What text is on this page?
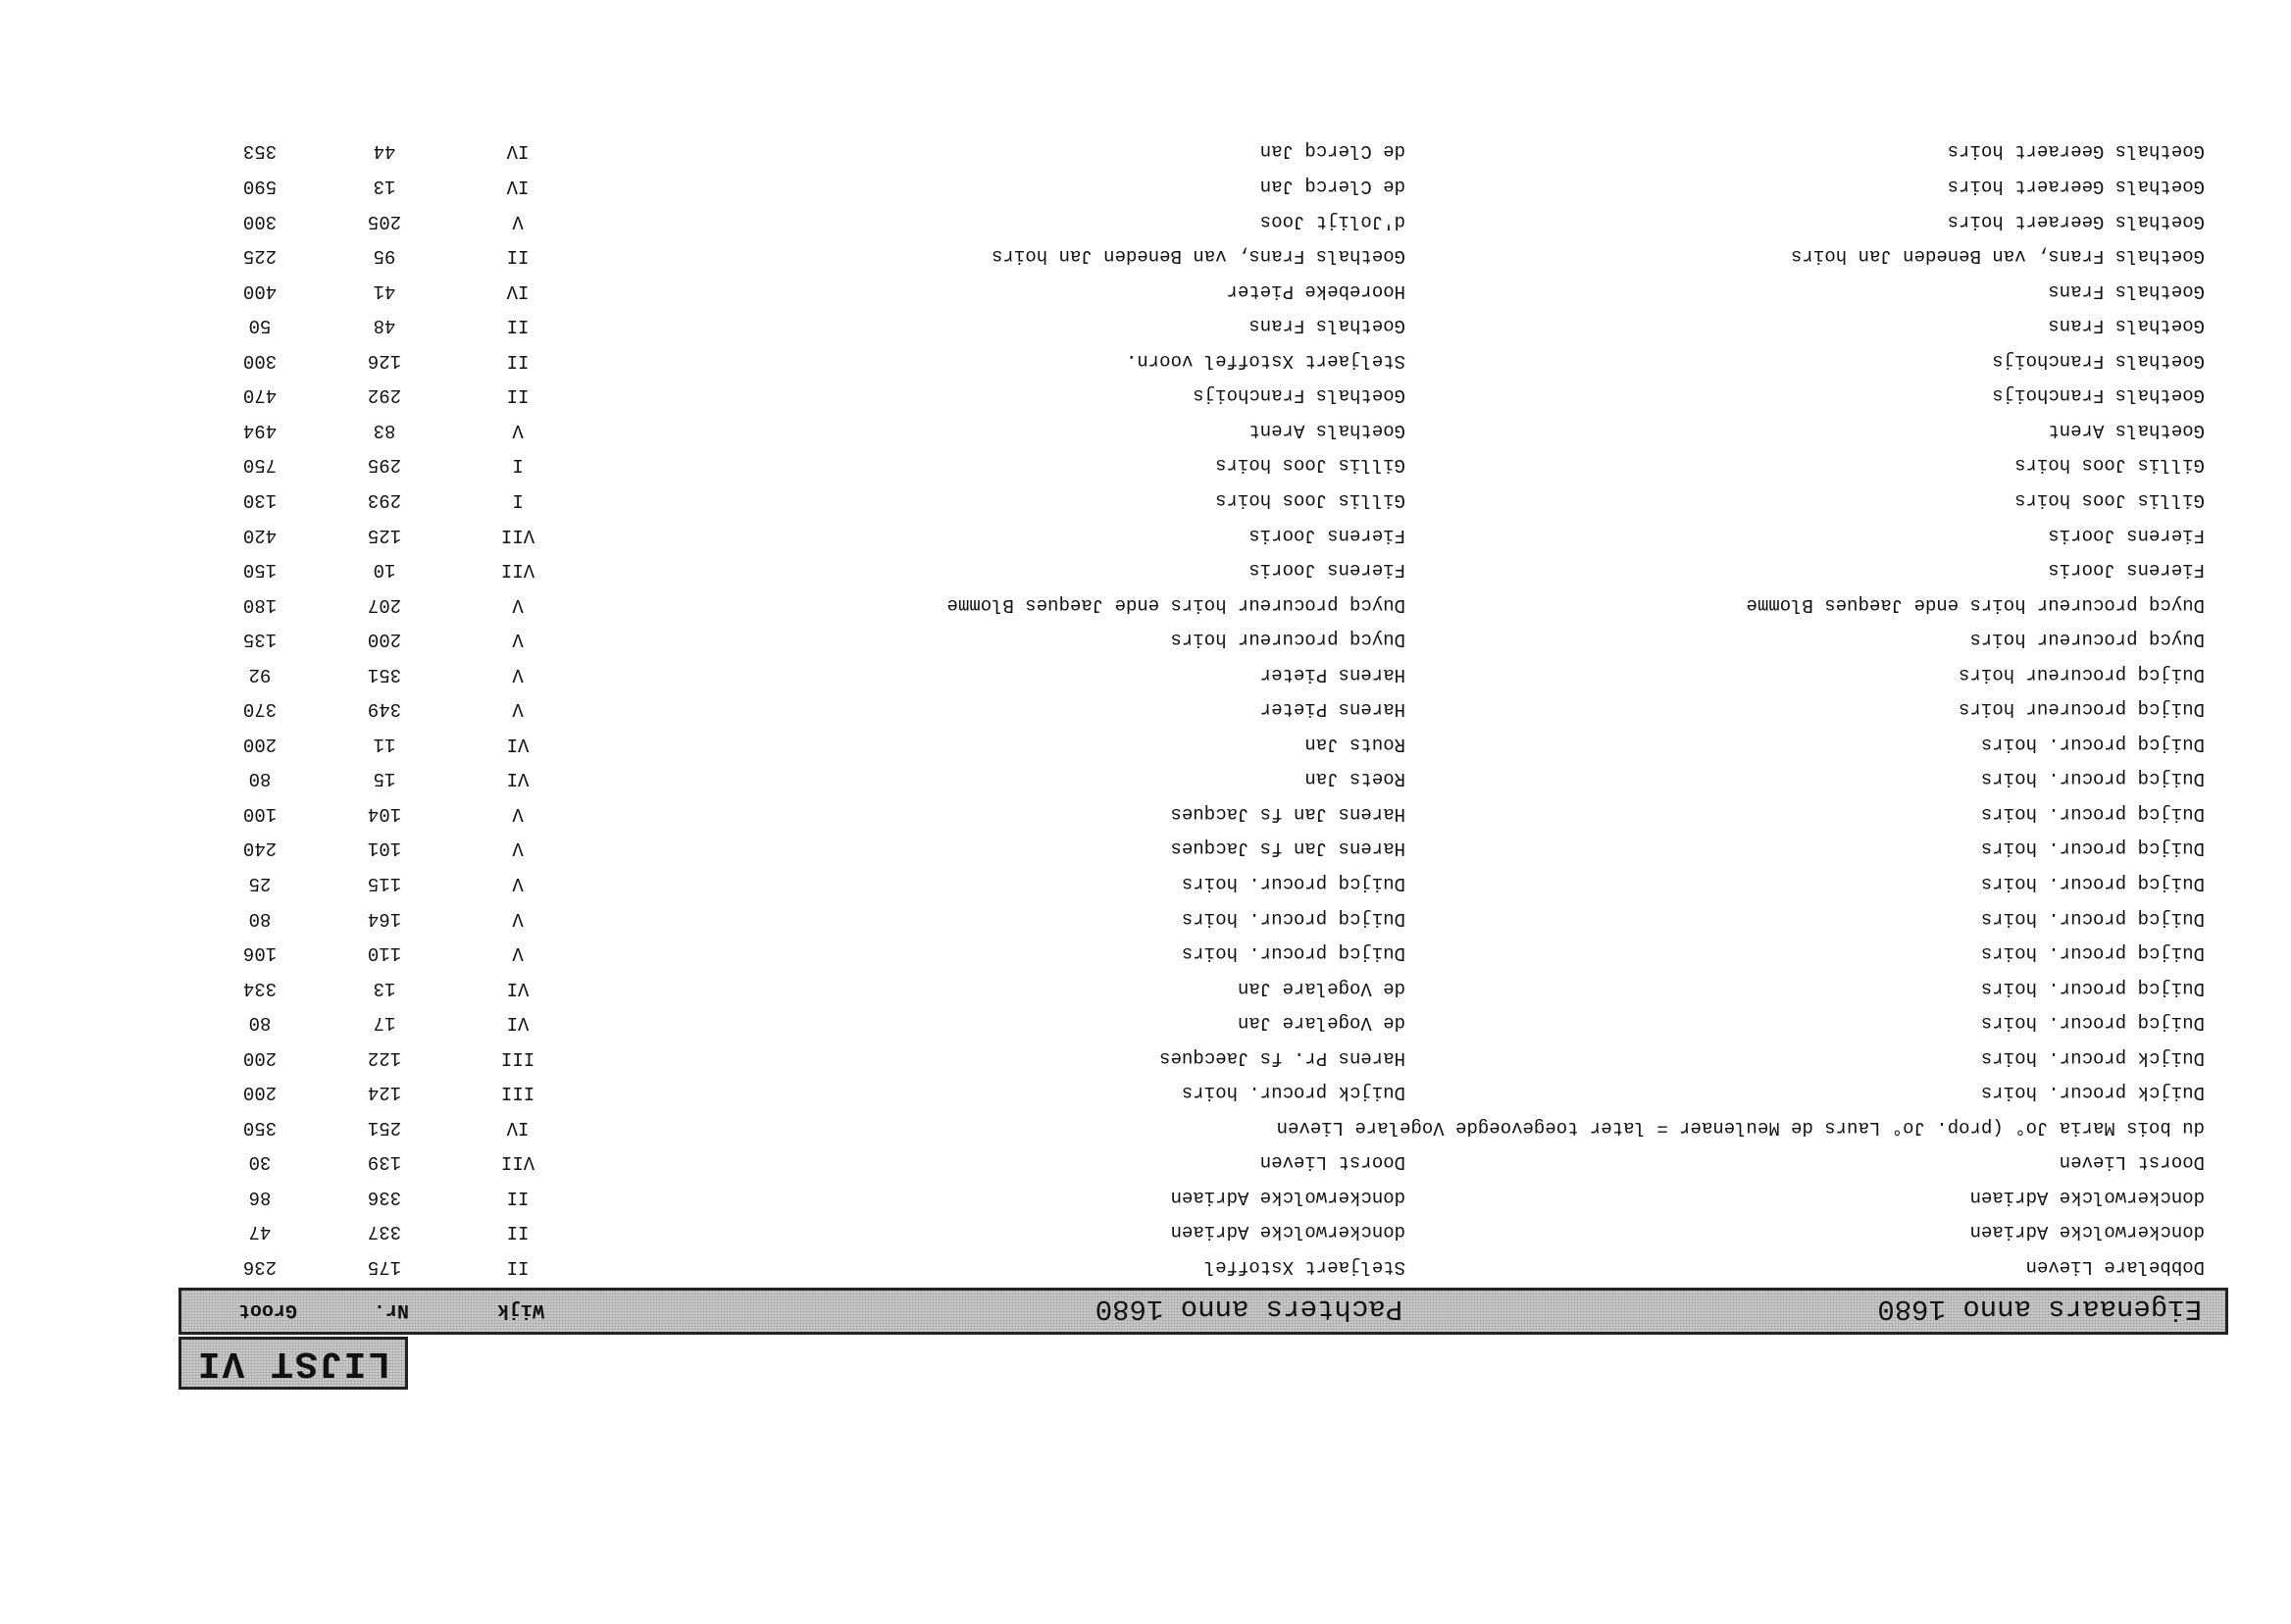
LIJST VI
Eigenaars anno 1680
Pachters anno 1680
Wijk
Nr.
Groot
Dobbelare Lieven
Steljaert Xstoffel
II
175
236
donckerwolcke Adriaen
donckerwolcke Adriaen
II
337
47
donckerwolcke Adriaen
donckerwolcke Adriaen
II
336
86
Doorst Lieven
Doorst Lieven
VII
139
30
du bois Maria Jo° (prop. Jo° Laurs de Meulenaer = later toegevoegde Vogelare Lieven
IV
251
350
Duijck procur. hoirs
Duijck procur. hoirs
III
124
200
Duijck procur. hoirs
Harens Pr. fs Jaecques
III
122
200
Duijcq procur. hoirs
de Vogelare Jan
VI
17
80
Duijcq procur. hoirs
de Vogelare Jan
VI
13
334
Duijcq procur. hoirs
Duijcq procur. hoirs
V
110
106
Duijcq procur. hoirs
Duijcq procur. hoirs
V
164
80
Duijcq procur. hoirs
Duijcq procur. hoirs
V
115
25
Duijcq procur. hoirs
Harens Jan fs Jacques
V
101
240
Duijcq procur. hoirs
Harens Jan fs Jacques
V
104
100
Duijcq procur. hoirs
Roets Jan
VI
15
80
Duijcq procur. hoirs
Routs Jan
VI
11
200
Duijcq procureur hoirs
Harens Pieter
V
349
370
Duijcq procureur hoirs
Harens Pieter
V
351
92
Duycq procureur hoirs
Duycq procureur hoirs
V
200
135
Duycq procureur hoirs ende Jaeques Blomme
Duycq procureur hoirs ende Jaeques Blomme
V
207
180
Fierens Jooris
Fierens Jooris
VII
10
150
Fierens Jooris
Fierens Jooris
VII
125
420
Gillis Joos hoirs
Gillis Joos hoirs
I
293
130
Gillis Joos hoirs
Gillis Joos hoirs
I
295
750
Goethals Arent
Goethals Arent
V
83
494
Goethals Franchoijs
Goethals Franchoijs
II
292
470
Goethals Franchoijs
Steljaert Xstoffel voorn.
II
126
300
Goethals Frans
Goethals Frans
II
48
50
Goethals Frans
Hoorebeke Pieter
IV
41
400
Goethals Frans, van Beneden Jan hoirs
Goethals Frans, van Beneden Jan hoirs
II
95
225
Goethals Geeraert hoirs
d'Jolijt Joos
V
205
300
Goethals Geeraert hoirs
de Clercq Jan
IV
13
590
Goethals Geeraert hoirs
de Clercq Jan
IV
44
353
